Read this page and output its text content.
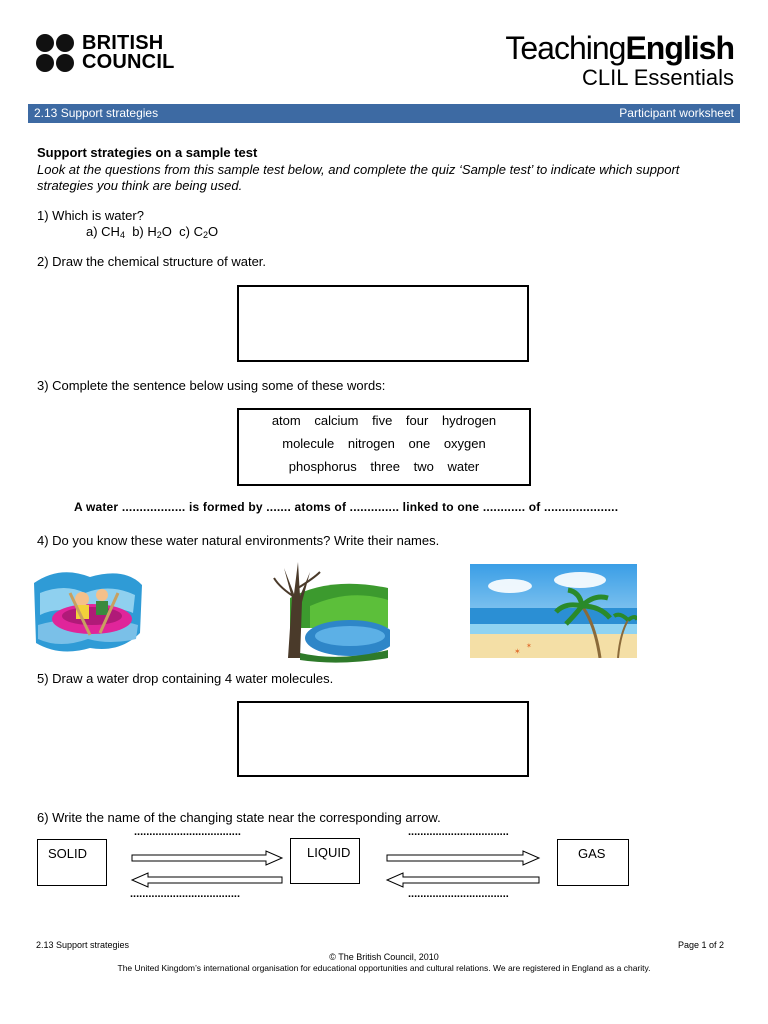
BRITISH
COUNCIL	TeachingEnglish
CLIL Essentials
2.13 Support strategies	Participant worksheet
Support strategies on a sample test
Look at the questions from this sample test below, and complete the quiz ‘Sample test’ to indicate which support strategies you think are being used.
1) Which is water?
a) $CH_4$ b) $H_2O$ c) $C_2O$
2) Draw the chemical structure of water.
3) Complete the sentence below using some of these words:
atom calcium five four hydrogen
molecule nitrogen one oxygen
phosphorus three two water
A water .................. is formed by ....... atoms of .............. linked to one ............ of .....................
4) Do you know these water natural environments? Write their names.
✶
✶
5) Draw a water drop containing 4 water molecules.
6) Write the name of the changing state near the corresponding arrow.
...................................	.................................
SOLID	LIQUID	GAS
....................................	.................................
2.13 Support strategies	Page 1 of 2
© The British Council, 2010
The United Kingdom’s international organisation for educational opportunities and cultural relations. We are registered in England as a charity.
